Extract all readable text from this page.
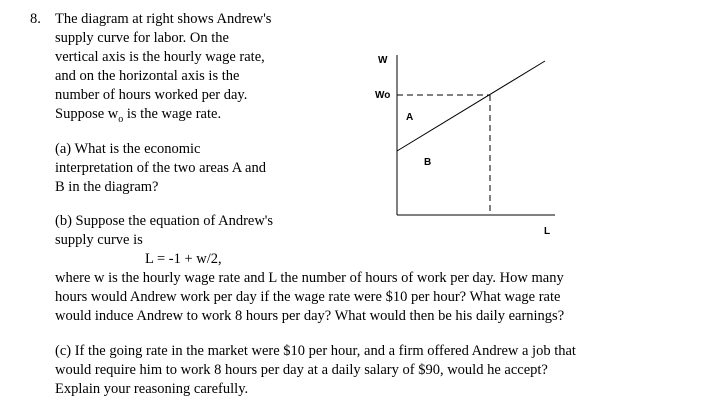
8. The diagram at right shows Andrew's
supply curve for labor. On the
vertical axis is the hourly wage rate,
and on the horizontal axis is the
number of hours worked per day.
Suppose $w_o$ is the wage rate.
(a) What is the economic
interpretation of the two areas A and
B in the diagram?
(b) Suppose the equation of Andrew's
supply curve is
L = -1 + w/2,
where w is the hourly wage rate and L the number of hours of work per day. How many
hours would Andrew work per day if the wage rate were $10 per hour? What wage rate
would induce Andrew to work 8 hours per day? What would then be his daily earnings?
(c) If the going rate in the market were $10 per hour, and a firm offered Andrew a job that
would require him to work 8 hours per day at a daily salary of $90, would he accept?
Explain your reasoning carefully.
W
Wo
A
B
L
